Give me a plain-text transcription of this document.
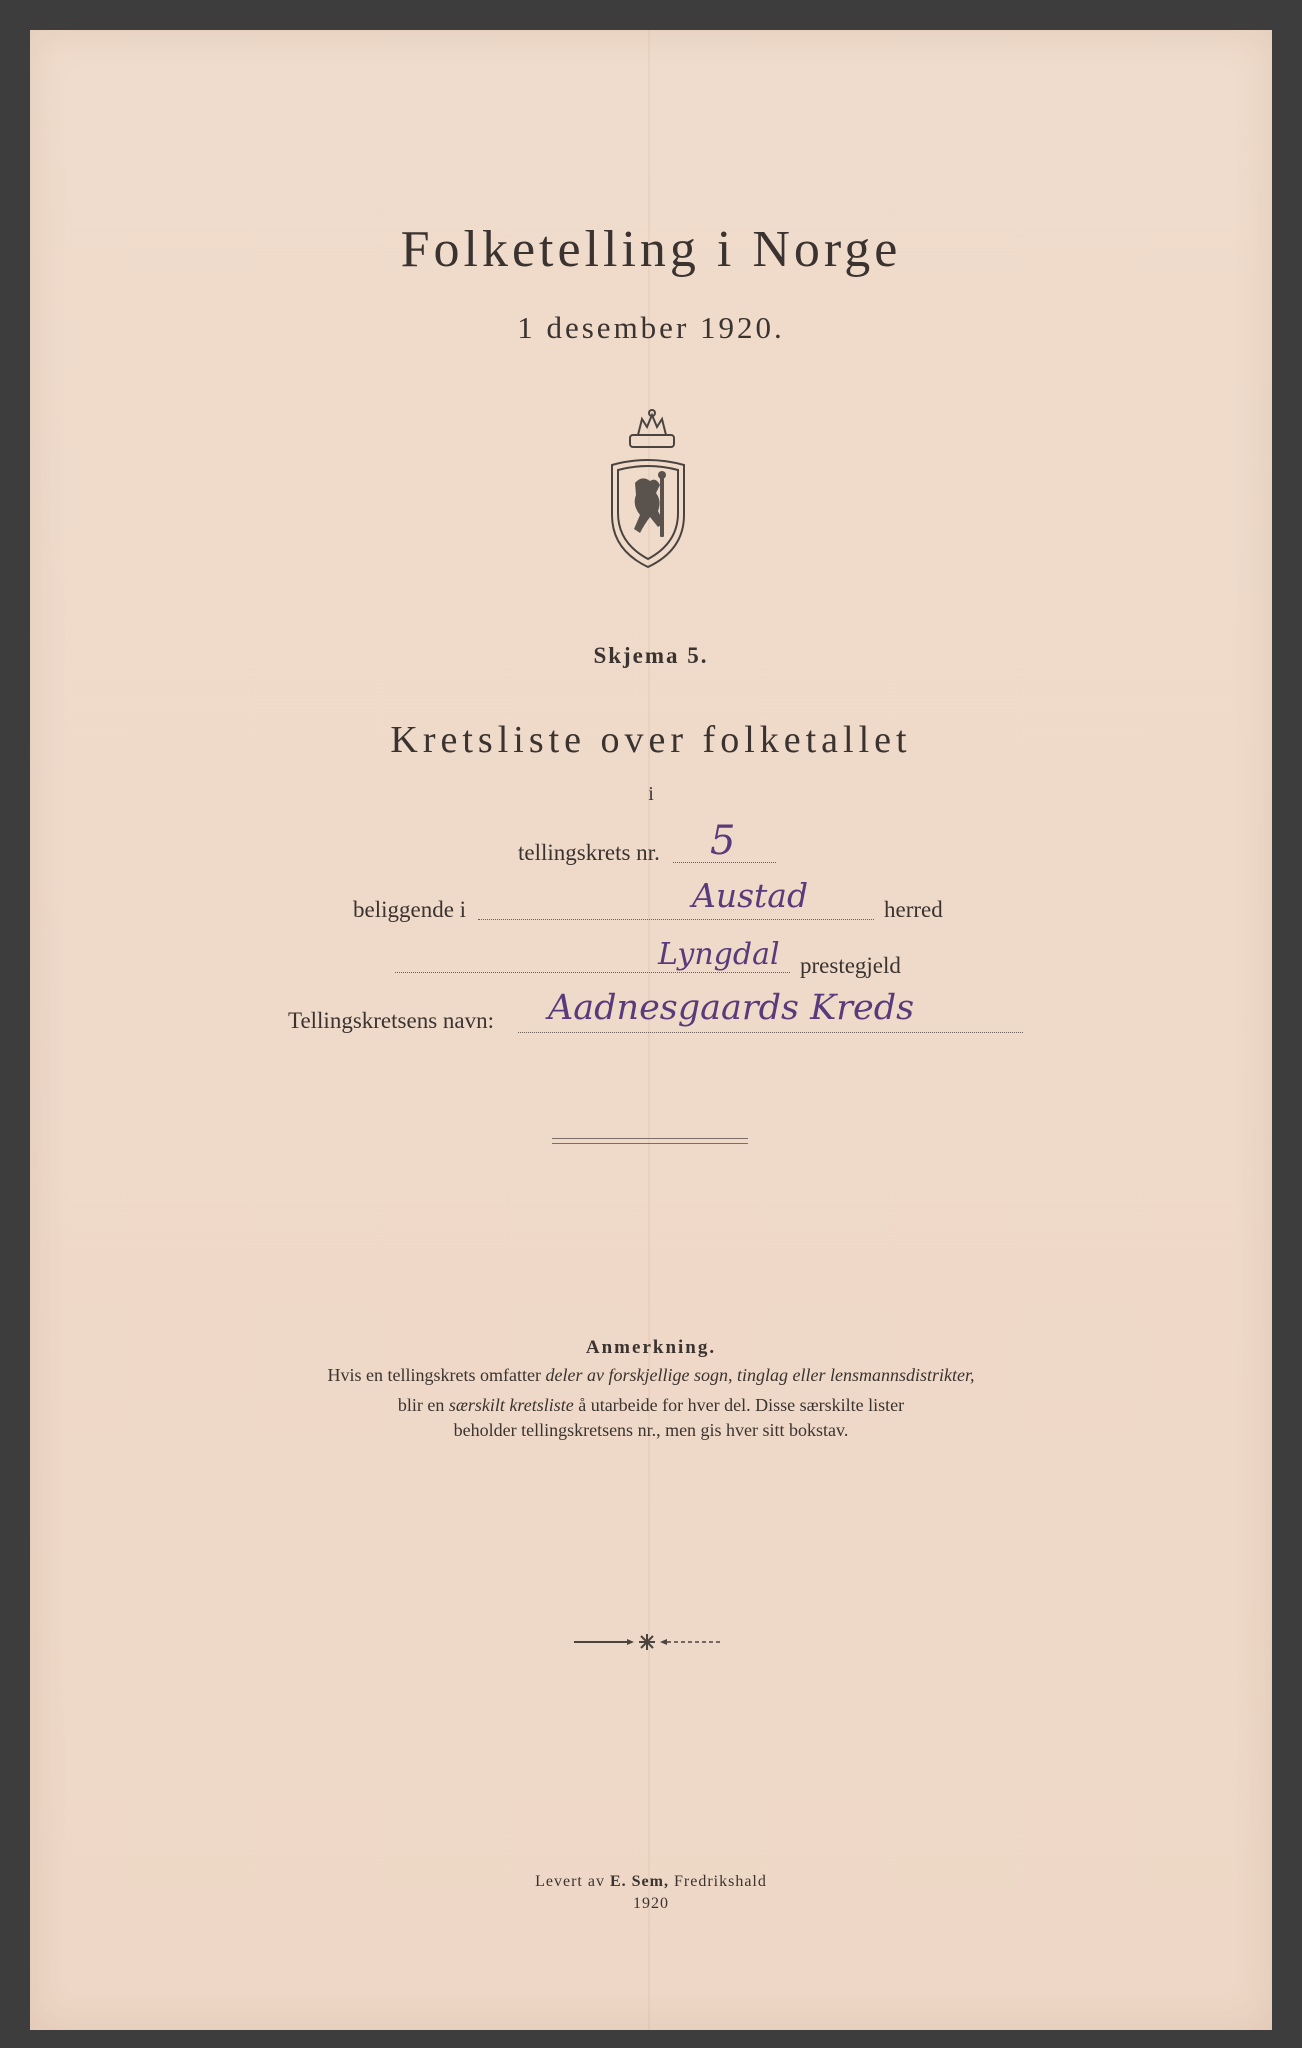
Folketelling i Norge
1 desember 1920.
Skjema 5.
Kretsliste over folketallet
i
tellingskrets nr. 5
beliggende i	Austad	herred
Lyngdal prestegjeld
Tellingskretsens navn: Aadnesgaards Kreds
Anmerkning.
Hvis en tellingskrets omfatter deler av forskjellige sogn, tinglag eller lensmannsdistrikter,
blir en særskilt kretsliste å utarbeide for hver del. Disse særskilte lister
beholder tellingskretsens nr., men gis hver sitt bokstav.
Levert av E. Sem, Fredrikshald
1920
